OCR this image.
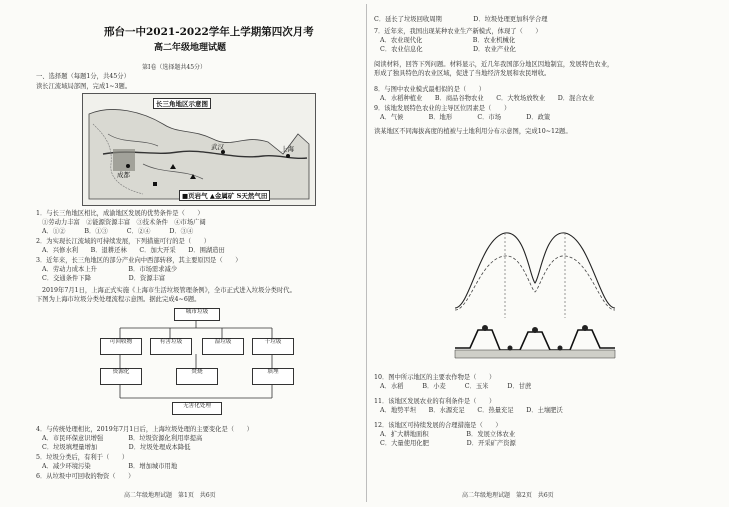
邢台一中2021-2022学年上学期第四次月考
高二年级地理试题
第Ⅰ卷（选择题共45分）
一、选择题（每题1分，共45分）
读长江流域局部图，完成1~3题。
长三角地区示意图
武汉	上海
成都
■页岩气 ▲金属矿 S天然气田
1．与长三角地区相比，成渝地区发展的优势条件是（　　）
①劳动力丰富　②能源资源丰富　③技术条件　④市场广阔
A．①②　　　B．①③　　　C．②④　　　D．③④
2．为实现长江流域的可持续发展，下列措施可行的是（　　）
A．兴修水利　　B．退耕还林　　C．加大开采　　D．围湖造田
3．近年来，长三角地区的部分产业向中西部转移，其主要原因是（　　）
A．劳动力成本上升　　　　　B．市场需求减少
C．交通条件下降　　　　　　D．资源丰富
2019年7月1日，上海正式实施《上海市生活垃圾管理条例》，全市正式进入垃圾分类时代。
下图为上海市垃圾分类处理流程示意图。据此完成4~6题。
城市垃圾
可回收物	有害垃圾	湿垃圾	干垃圾
资源化	焚烧	填埋
无害化处理
4．与传统处理相比，2019年7月1日后，上海垃圾处理的主要变化是（　　）
A．市民环保意识增强　　　　B．垃圾资源化利用率提高
C．垃圾填埋量增加　　　　　D．垃圾处理成本降低
5．垃圾分类后，有利于（　　）
A．减少环境污染　　　　　　B．增加城市用地
6．从垃圾中可回收的物资（　　）
高二年级地理试题　第1页　共6页
C．延长了垃圾回收周期　　　　　D．垃圾处理更加科学合理
7．近年来，我国出现某种农业生产新模式，体现了（　　）
A．农业现代化　　　　　　　　B．农业机械化
C．农业信息化　　　　　　　　D．农业产业化
阅读材料，回答下列问题。材料显示，近几年我国部分地区因地制宜，发展特色农业，
形成了独具特色的农业区域，促进了当地经济发展和农民增收。
8．与图中农业模式最相似的是（　　）
A．水稻种植业　　B．商品谷物农业　　C．大牧场放牧业　　D．混合农业
9．该地发展特色农业的主导区位因素是（　　）
A．气候　　　　B．地形　　　　C．市场　　　　D．政策
读某地区不同海拔高度的植被与土地利用分布示意图，完成10~12题。
10．图中所示地区的主要农作物是（　　）
A．水稻　　　B．小麦　　　C．玉米　　　D．甘蔗
11．该地区发展农业的有利条件是（　　）
A．地势平坦　　B．水源充足　　C．热量充足　　D．土壤肥沃
12．该地区可持续发展的合理措施是（　　）
A．扩大耕地面积　　　　　　B．发展立体农业
C．大量使用化肥　　　　　　D．开采矿产资源
高二年级地理试题　第2页　共6页
